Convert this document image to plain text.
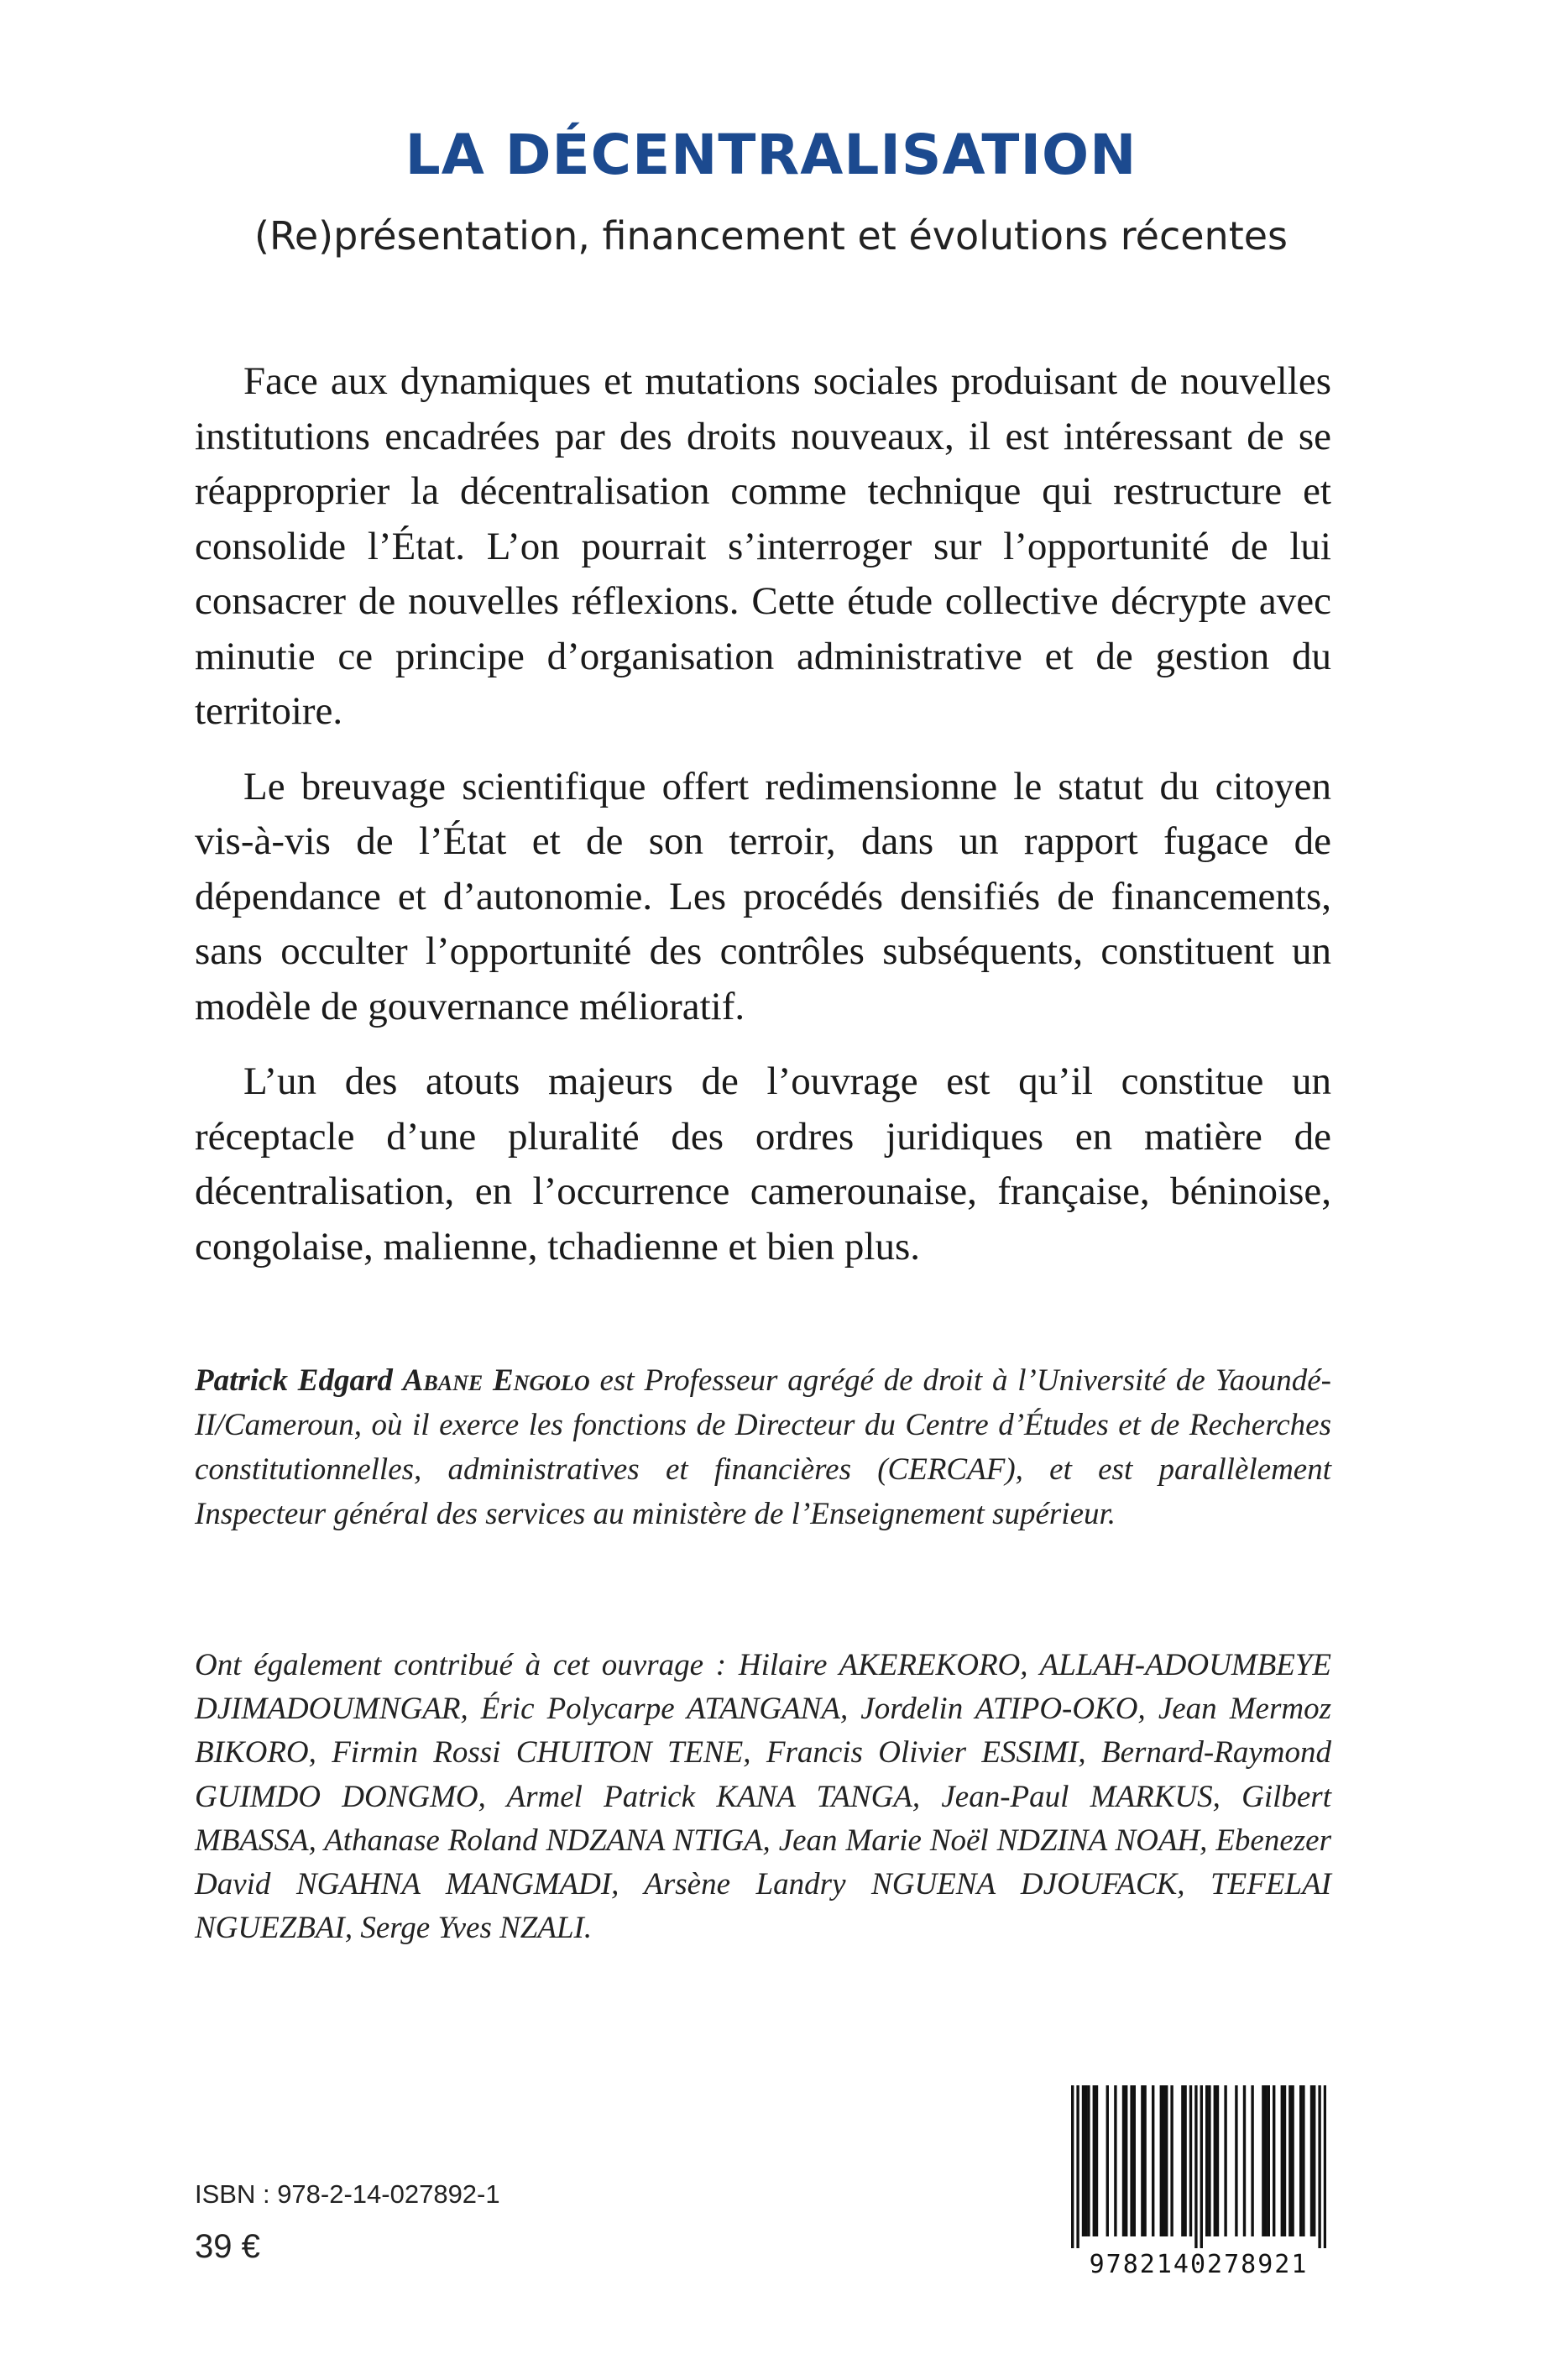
LA DÉCENTRALISATION

(Re)présentation, financement et évolutions récentes

Face aux dynamiques et mutations sociales produisant de nouvelles institutions encadrées par des droits nouveaux, il est intéressant de se réapproprier la décentralisation comme technique qui restructure et consolide l’État. L’on pourrait s’interroger sur l’opportunité de lui consacrer de nouvelles réflexions. Cette étude collective décrypte avec minutie ce principe d’organisation administrative et de gestion du territoire.

Le breuvage scientifique offert redimensionne le statut du citoyen vis-à-vis de l’État et de son terroir, dans un rapport fugace de dépendance et d’autonomie. Les procédés densifiés de financements, sans occulter l’opportunité des contrôles subséquents, constituent un modèle de gouvernance mélioratif.

L’un des atouts majeurs de l’ouvrage est qu’il constitue un réceptacle d’une pluralité des ordres juridiques en matière de décentralisation, en l’occurrence camerounaise, française, béninoise, congolaise, malienne, tchadienne et bien plus.

Patrick Edgard Abane Engolo est Professeur agrégé de droit à l’Université de Yaoundé-II/Cameroun, où il exerce les fonctions de Directeur du Centre d’Études et de Recherches constitutionnelles, administratives et financières (CERCAF), et est parallèlement Inspecteur général des services au ministère de l’Enseignement supérieur.

Ont également contribué à cet ouvrage : Hilaire AKEREKORO, ALLAH-ADOUMBEYE DJIMADOUMNGAR, Éric Polycarpe ATANGANA, Jordelin ATIPO-OKO, Jean Mermoz BIKORO, Firmin Rossi CHUITON TENE, Francis Olivier ESSIMI, Bernard-Raymond GUIMDO DONGMO, Armel Patrick KANA TANGA, Jean-Paul MARKUS, Gilbert MBASSA, Athanase Roland NDZANA NTIGA, Jean Marie Noël NDZINA NOAH, Ebenezer David NGAHNA MANGMADI, Arsène Landry NGUENA DJOUFACK, TEFELAI NGUEZBAI, Serge Yves NZALI.

ISBN : 978-2-14-027892-1

39 €	9782140278921
